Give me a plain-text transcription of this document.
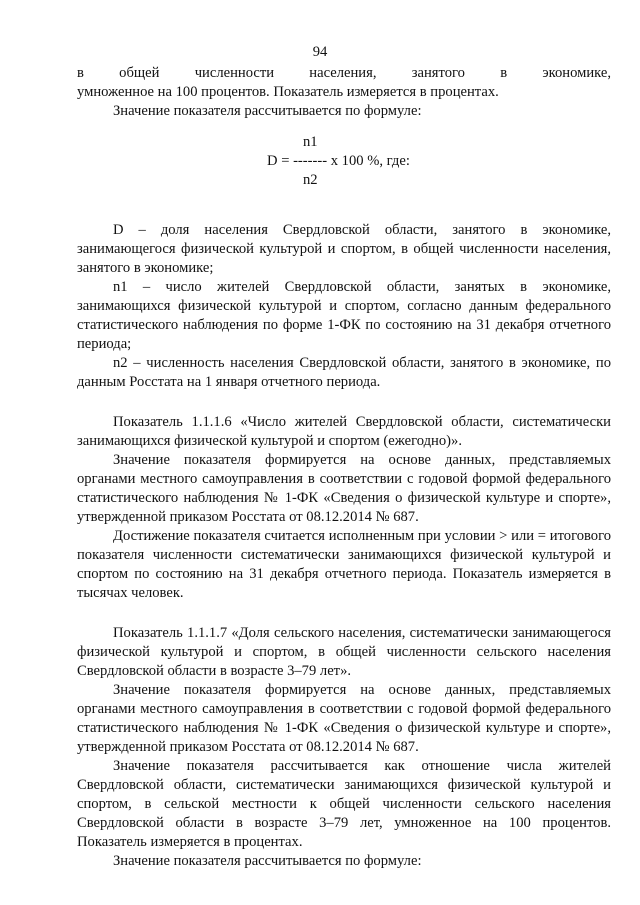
94

в общей численности населения, занятого в экономике,

умноженное на 100 процентов. Показатель измеряется в процентах.

Значение показателя рассчитывается по формуле:

n1
D = ------- x 100 %, где:
n2

D – доля населения Свердловской области, занятого в экономике, занимающегося физической культурой и спортом, в общей численности населения, занятого в экономике;

n1 – число жителей Свердловской области, занятых в экономике, занимающихся физической культурой и спортом, согласно данным федерального статистического наблюдения по форме 1-ФК по состоянию на 31 декабря отчетного периода;

n2 – численность населения Свердловской области, занятого в экономике, по данным Росстата на 1 января отчетного периода.

Показатель 1.1.1.6 «Число жителей Свердловской области, систематически занимающихся физической культурой и спортом (ежегодно)».

Значение показателя формируется на основе данных, представляемых органами местного самоуправления в соответствии с годовой формой федерального статистического наблюдения № 1-ФК «Сведения о физической культуре и спорте», утвержденной приказом Росстата от 08.12.2014 № 687.

Достижение показателя считается исполненным при условии > или = итогового показателя численности систематически занимающихся физической культурой и спортом по состоянию на 31 декабря отчетного периода. Показатель измеряется в тысячах человек.

Показатель 1.1.1.7 «Доля сельского населения, систематически занимающегося физической культурой и спортом, в общей численности сельского населения Свердловской области в возрасте 3–79 лет».

Значение показателя формируется на основе данных, представляемых органами местного самоуправления в соответствии с годовой формой федерального статистического наблюдения № 1-ФК «Сведения о физической культуре и спорте», утвержденной приказом Росстата от 08.12.2014 № 687.

Значение показателя рассчитывается как отношение числа жителей Свердловской области, систематически занимающихся физической культурой и спортом, в сельской местности к общей численности сельского населения Свердловской области в возрасте 3–79 лет, умноженное на 100 процентов. Показатель измеряется в процентах.

Значение показателя рассчитывается по формуле:
